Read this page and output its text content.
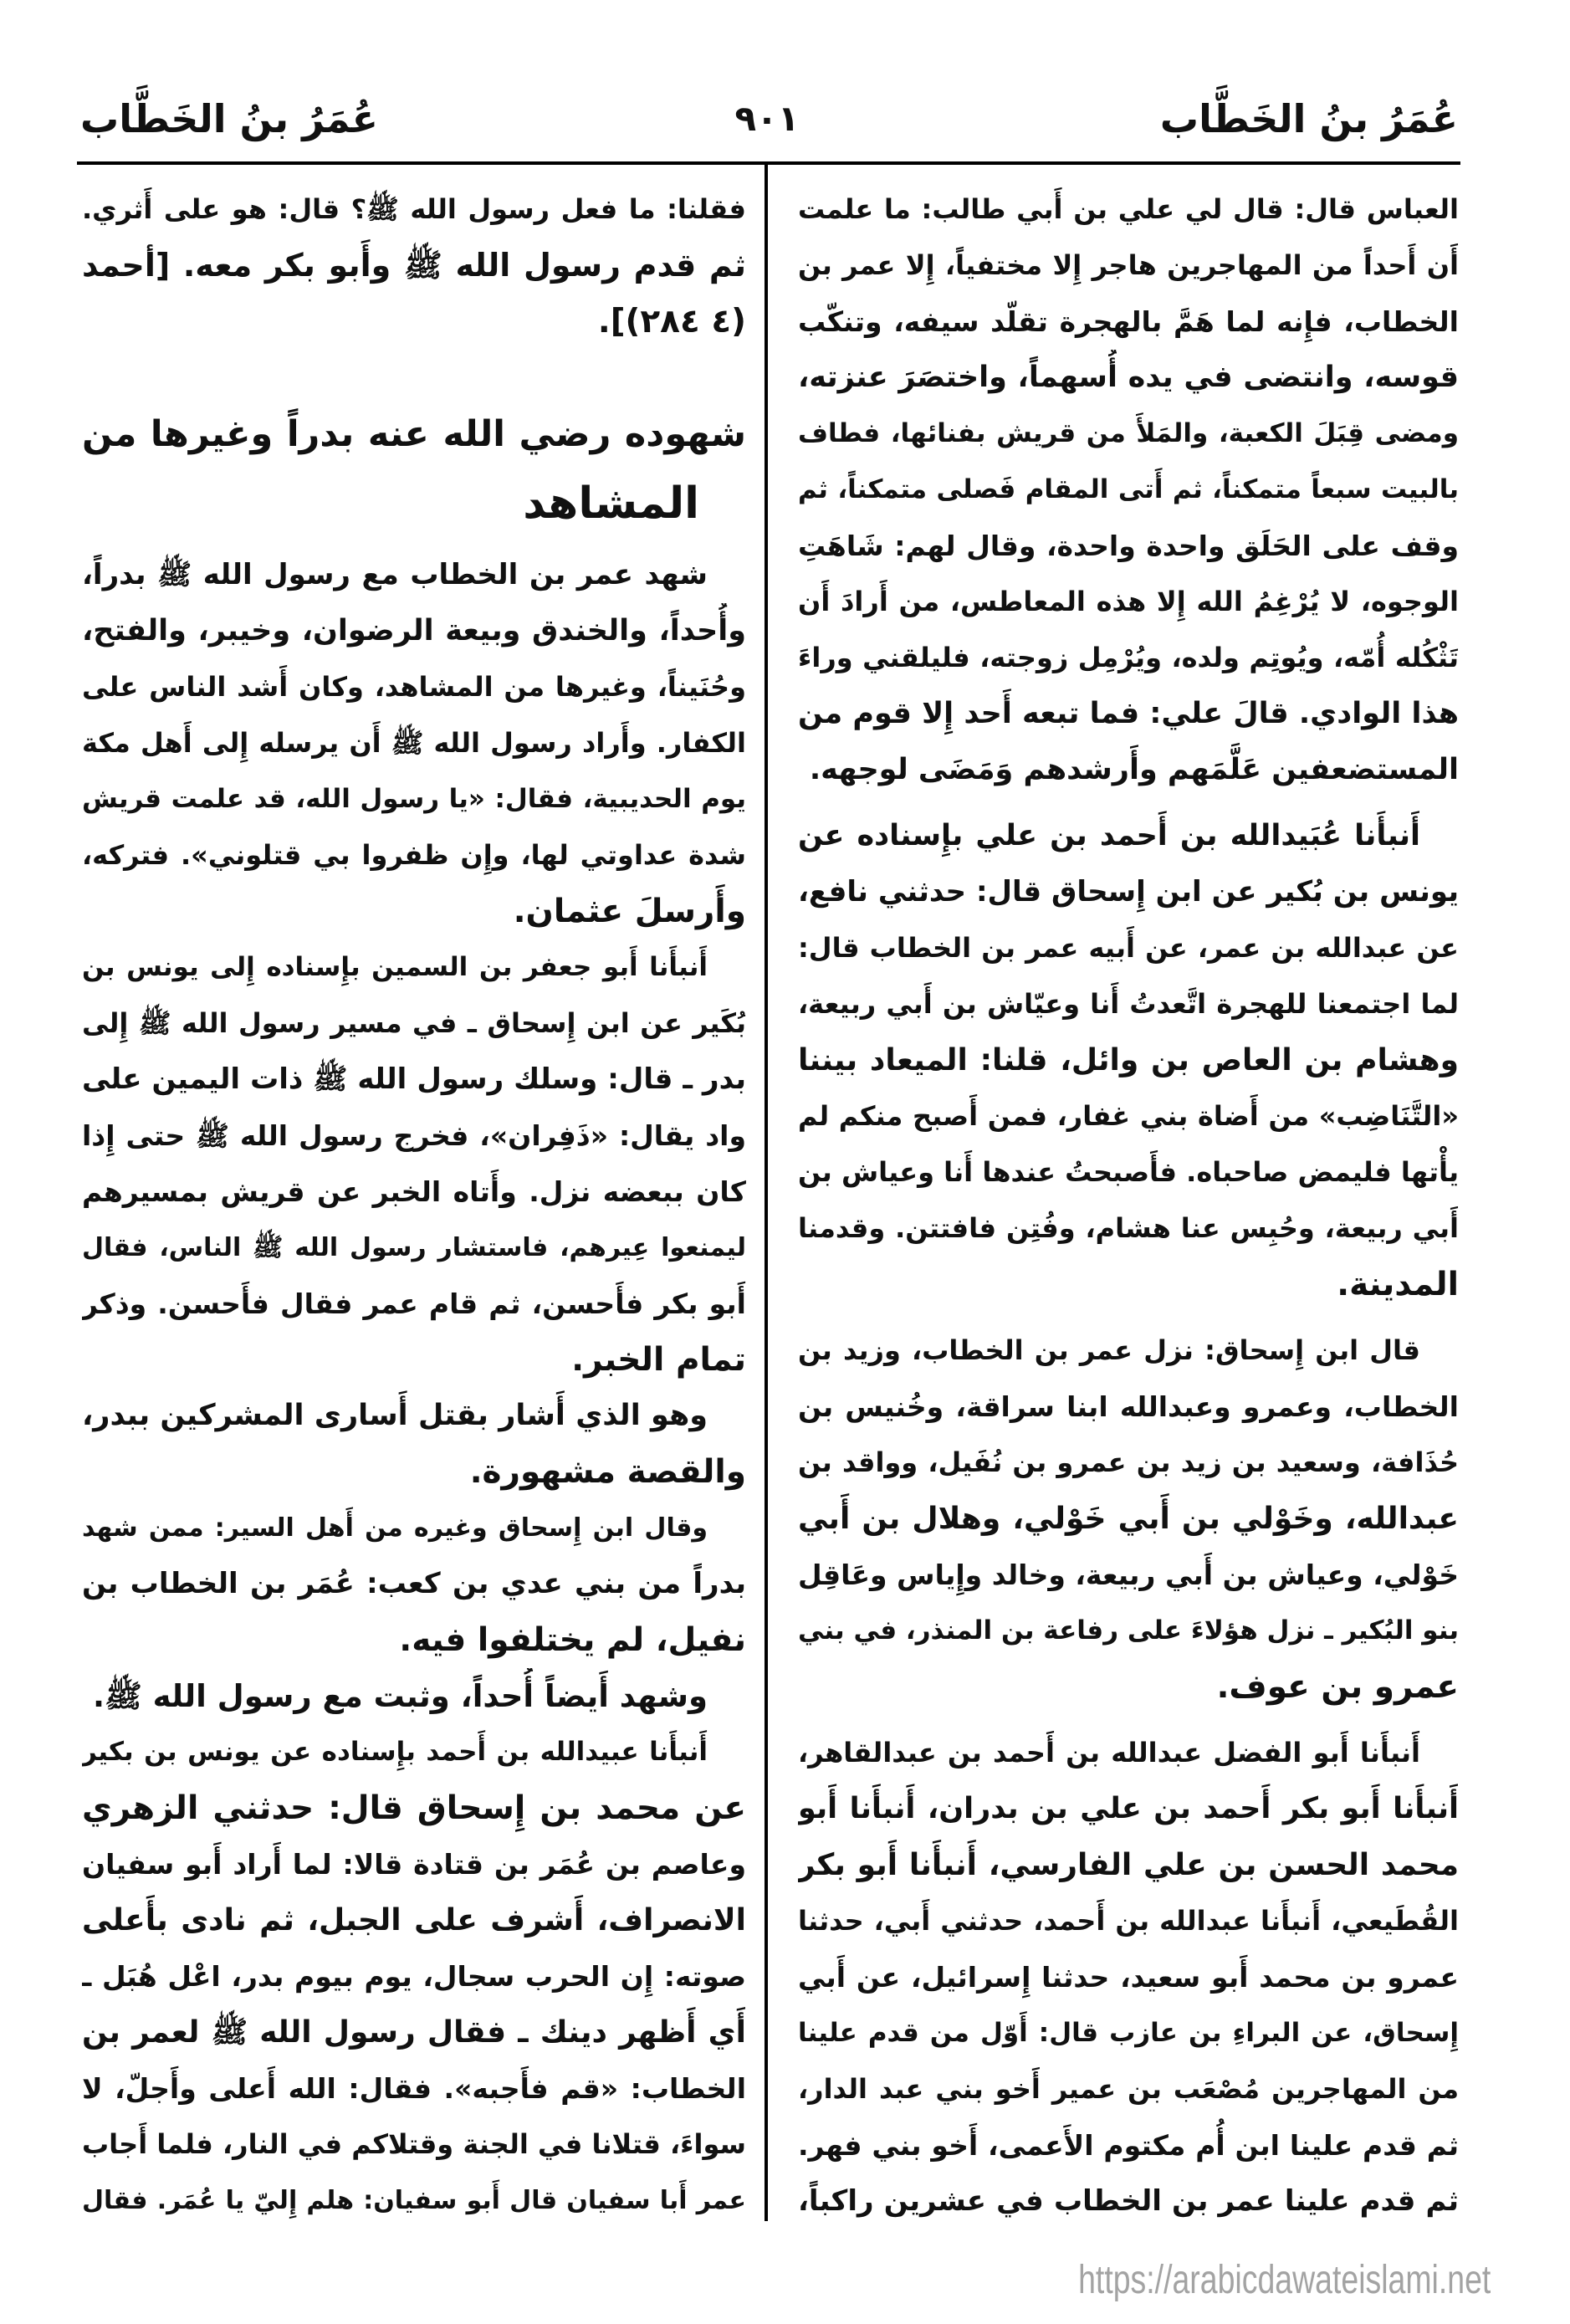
عُمَرُ بنُ الخَطَّاب
٩٠١
عُمَرُ بنُ الخَطَّاب
العباس قال: قال لي علي بن أَبي طالب: ما علمت
أَن أَحداً من المهاجرين هاجر إِلا مختفياً، إِلا عمر بن
الخطاب، فإِنه لما هَمَّ بالهجرة تقلّد سيفه، وتنكّب
قوسه، وانتضى في يده أُسهماً، واختصَرَ عنزته،
ومضى قِبَلَ الكعبة، والمَلأَ من قريش بفنائها، فطاف
بالبيت سبعاً متمكناً، ثم أَتى المقام فَصلى متمكناً، ثم
وقف على الحَلَق واحدة واحدة، وقال لهم: شَاهَتِ
الوجوه، لا يُرْغِمُ الله إِلا هذه المعاطس، من أَرادَ أَن
تَثْكُله أُمّه، ويُوتِم ولده، ويُرْمِل زوجته، فليلقني وراءَ
هذا الوادي. قالَ علي: فما تبعه أَحد إِلا قوم من
المستضعفين عَلَّمَهم وأَرشدهم وَمَضَى لوجهه.
أَنبأَنا عُبَيدالله بن أَحمد بن علي بإِسناده عن
يونس بن بُكير عن ابن إِسحاق قال: حدثني نافع،
عن عبدالله بن عمر، عن أَبيه عمر بن الخطاب قال:
لما اجتمعنا للهجرة اتَّعدتُ أَنا وعيّاش بن أَبي ربيعة،
وهشام بن العاص بن وائل، قلنا: الميعاد بيننا
«التَّنَاضِب» من أَضاة بني غفار، فمن أَصبح منكم لم
يأْتها فليمض صاحباه. فأَصبحتُ عندها أَنا وعياش بن
أَبي ربيعة، وحُبِس عنا هشام، وفُتِن فافتتن. وقدمنا
المدينة.
قال ابن إِسحاق: نزل عمر بن الخطاب، وزيد بن
الخطاب، وعمرو وعبدالله ابنا سراقة، وخُنيس بن
حُذَافة، وسعيد بن زيد بن عمرو بن نُفَيل، وواقد بن
عبدالله، وخَوْلي بن أَبي خَوْلي، وهلال بن أَبي
خَوْلي، وعياش بن أَبي ربيعة، وخالد وإِياس وعَاقِل
بنو البُكير ـ نزل هؤلاءَ على رفاعة بن المنذر، في بني
عمرو بن عوف.
أَنبأَنا أَبو الفضل عبدالله بن أَحمد بن عبدالقاهر،
أَنبأَنا أَبو بكر أَحمد بن علي بن بدران، أَنبأَنا أَبو
محمد الحسن بن علي الفارسي، أَنبأَنا أَبو بكر
القُطَيعي، أَنبأَنا عبدالله بن أَحمد، حدثني أَبي، حدثنا
عمرو بن محمد أَبو سعيد، حدثنا إِسرائيل، عن أَبي
إِسحاق، عن البراءِ بن عازب قال: أَوّل من قدم علينا
من المهاجرين مُصْعَب بن عمير أَخو بني عبد الدار،
ثم قدم علينا ابن أُم مكتوم الأَعمى، أَخو بني فهر.
ثم قدم علينا عمر بن الخطاب في عشرين راكباً،
فقلنا: ما فعل رسول الله ﷺ؟ قال: هو على أَثري.
ثم قدم رسول الله ﷺ وأَبو بكر معه. [أحمد
(٤ ٢٨٤)].
شهوده رضي الله عنه بدراً وغيرها من
المشاهد
شهد عمر بن الخطاب مع رسول الله ﷺ بدراً،
وأُحداً، والخندق وبيعة الرضوان، وخيبر، والفتح،
وحُنَيناً، وغيرها من المشاهد، وكان أَشد الناس على
الكفار. وأَراد رسول الله ﷺ أَن يرسله إِلى أَهل مكة
يوم الحديبية، فقال: «يا رسول الله، قد علمت قريش
شدة عداوتي لها، وإِن ظفروا بي قتلوني». فتركه،
وأَرسلَ عثمان.
أَنبأَنا أَبو جعفر بن السمين بإِسناده إِلى يونس بن
بُكَير عن ابن إِسحاق ـ في مسير رسول الله ﷺ إِلى
بدر ـ قال: وسلك رسول الله ﷺ ذات اليمين على
واد يقال: «ذَفِران»، فخرج رسول الله ﷺ حتى إِذا
كان ببعضه نزل. وأَتاه الخبر عن قريش بمسيرهم
ليمنعوا عِيرهم، فاستشار رسول الله ﷺ الناس، فقال
أَبو بكر فأَحسن، ثم قام عمر فقال فأَحسن. وذكر
تمام الخبر.
وهو الذي أَشار بقتل أَسارى المشركين ببدر،
والقصة مشهورة.
وقال ابن إِسحاق وغيره من أَهل السير: ممن شهد
بدراً من بني عدي بن كعب: عُمَر بن الخطاب بن
نفيل، لم يختلفوا فيه.
وشهد أَيضاً أُحداً، وثبت مع رسول الله ﷺ.
أَنبأَنا عبيدالله بن أَحمد بإِسناده عن يونس بن بكير
عن محمد بن إِسحاق قال: حدثني الزهري
وعاصم بن عُمَر بن قتادة قالا: لما أَراد أَبو سفيان
الانصراف، أَشرف على الجبل، ثم نادى بأَعلى
صوته: إِن الحرب سجال، يوم بيوم بدر، اعْل هُبَل ـ
أَي أَظهر دينك ـ فقال رسول الله ﷺ لعمر بن
الخطاب: «قم فأَجبه». فقال: الله أَعلى وأَجلّ، لا
سواءَ، قتلانا في الجنة وقتلاكم في النار، فلما أَجاب
عمر أَبا سفيان قال أَبو سفيان: هلم إِليّ يا عُمَر. فقال
https://arabicdawateislami.net
